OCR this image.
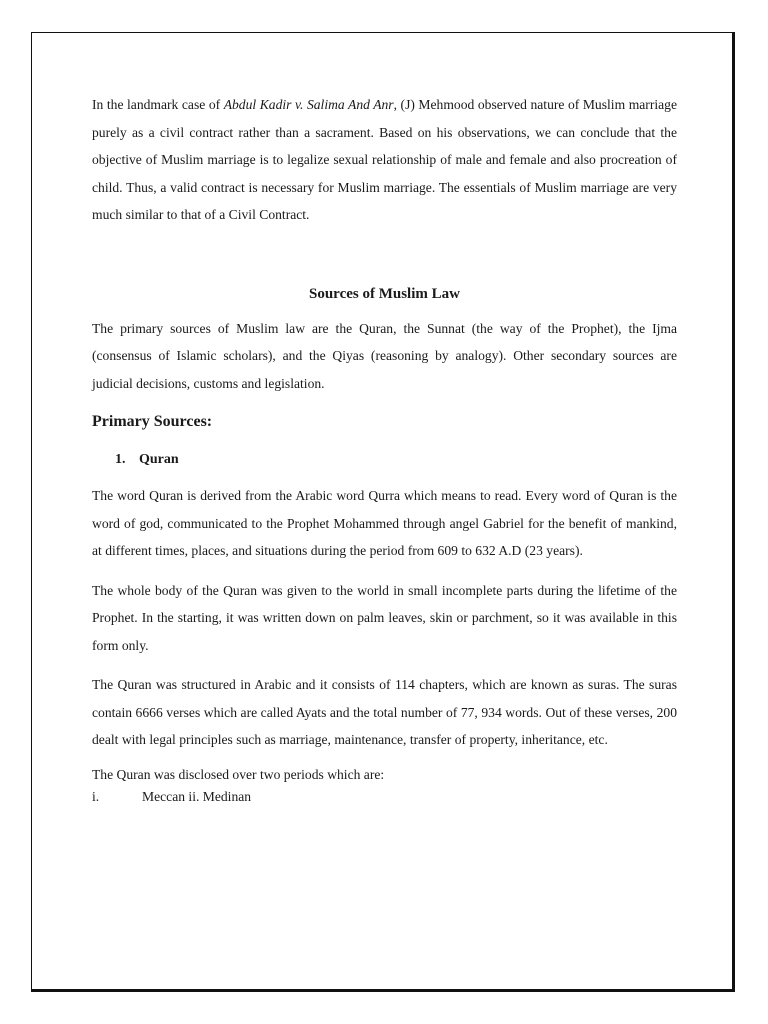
In the landmark case of Abdul Kadir v. Salima And Anr, (J) Mehmood observed nature of Muslim marriage purely as a civil contract rather than a sacrament. Based on his observations, we can conclude that the objective of Muslim marriage is to legalize sexual relationship of male and female and also procreation of child. Thus, a valid contract is necessary for Muslim marriage. The essentials of Muslim marriage are very much similar to that of a Civil Contract.

Sources of Muslim Law

The primary sources of Muslim law are the Quran, the Sunnat (the way of the Prophet), the Ijma (consensus of Islamic scholars), and the Qiyas (reasoning by analogy). Other secondary sources are judicial decisions, customs and legislation.

Primary Sources:
1. Quran

The word Quran is derived from the Arabic word Qurra which means to read. Every word of Quran is the word of god, communicated to the Prophet Mohammed through angel Gabriel for the benefit of mankind, at different times, places, and situations during the period from 609 to 632 A.D (23 years).

The whole body of the Quran was given to the world in small incomplete parts during the lifetime of the Prophet. In the starting, it was written down on palm leaves, skin or parchment, so it was available in this form only.

The Quran was structured in Arabic and it consists of 114 chapters, which are known as suras. The suras contain 6666 verses which are called Ayats and the total number of 77, 934 words. Out of these verses, 200 dealt with legal principles such as marriage, maintenance, transfer of property, inheritance, etc.

The Quran was disclosed over two periods which are:

i.	Meccan ii. Medinan
